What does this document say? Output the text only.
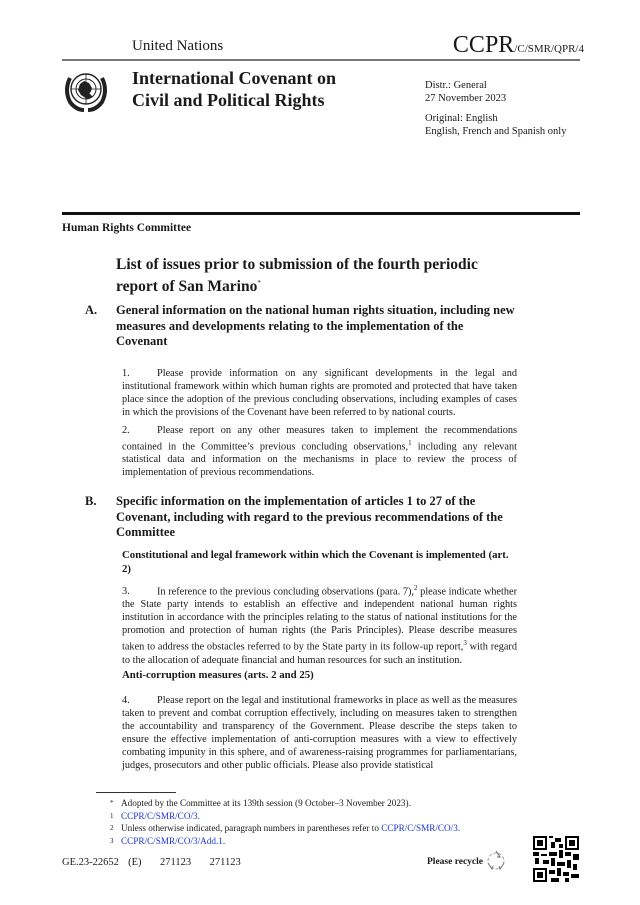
United Nations	CCPR/C/SMR/QPR/4
International Covenant on
Civil and Political Rights
Distr.: General
27 November 2023
Original: English
English, French and Spanish only
Human Rights Committee
List of issues prior to submission of the fourth periodic
report of San Marino*
A. General information on the national human rights situation, including new measures and developments relating to the implementation of the Covenant
1.	Please provide information on any significant developments in the legal and institutional framework within which human rights are promoted and protected that have taken place since the adoption of the previous concluding observations, including examples of cases in which the provisions of the Covenant have been referred to by national courts.
2.	Please report on any other measures taken to implement the recommendations contained in the Committee’s previous concluding observations,$^1$ including any relevant statistical data and information on the mechanisms in place to review the process of implementation of previous recommendations.
B. Specific information on the implementation of articles 1 to 27 of the Covenant, including with regard to the previous recommendations of the Committee
Constitutional and legal framework within which the Covenant is implemented (art. 2)
3.	In reference to the previous concluding observations (para. 7),$^2$ please indicate whether the State party intends to establish an effective and independent national human rights institution in accordance with the principles relating to the status of national institutions for the promotion and protection of human rights (the Paris Principles). Please describe measures taken to address the obstacles referred to by the State party in its follow-up report,$^3$ with regard to the allocation of adequate financial and human resources for such an institution.
Anti-corruption measures (arts. 2 and 25)
4.	Please report on the legal and institutional frameworks in place as well as the measures taken to prevent and combat corruption effectively, including on measures taken to strengthen the accountability and transparency of the Government. Please describe the steps taken to ensure the effective implementation of anti-corruption measures with a view to effectively combating impunity in this sphere, and of awareness-raising programmes for parliamentarians, judges, prosecutors and other public officials. Please also provide statistical
* Adopted by the Committee at its 139th session (9 October–3 November 2023).
1 CCPR/C/SMR/CO/3.
2 Unless otherwise indicated, paragraph numbers in parentheses refer to CCPR/C/SMR/CO/3.
3 CCPR/C/SMR/CO/3/Add.1.
GE.23-22652  (E)    271123    271123	Please recycle
